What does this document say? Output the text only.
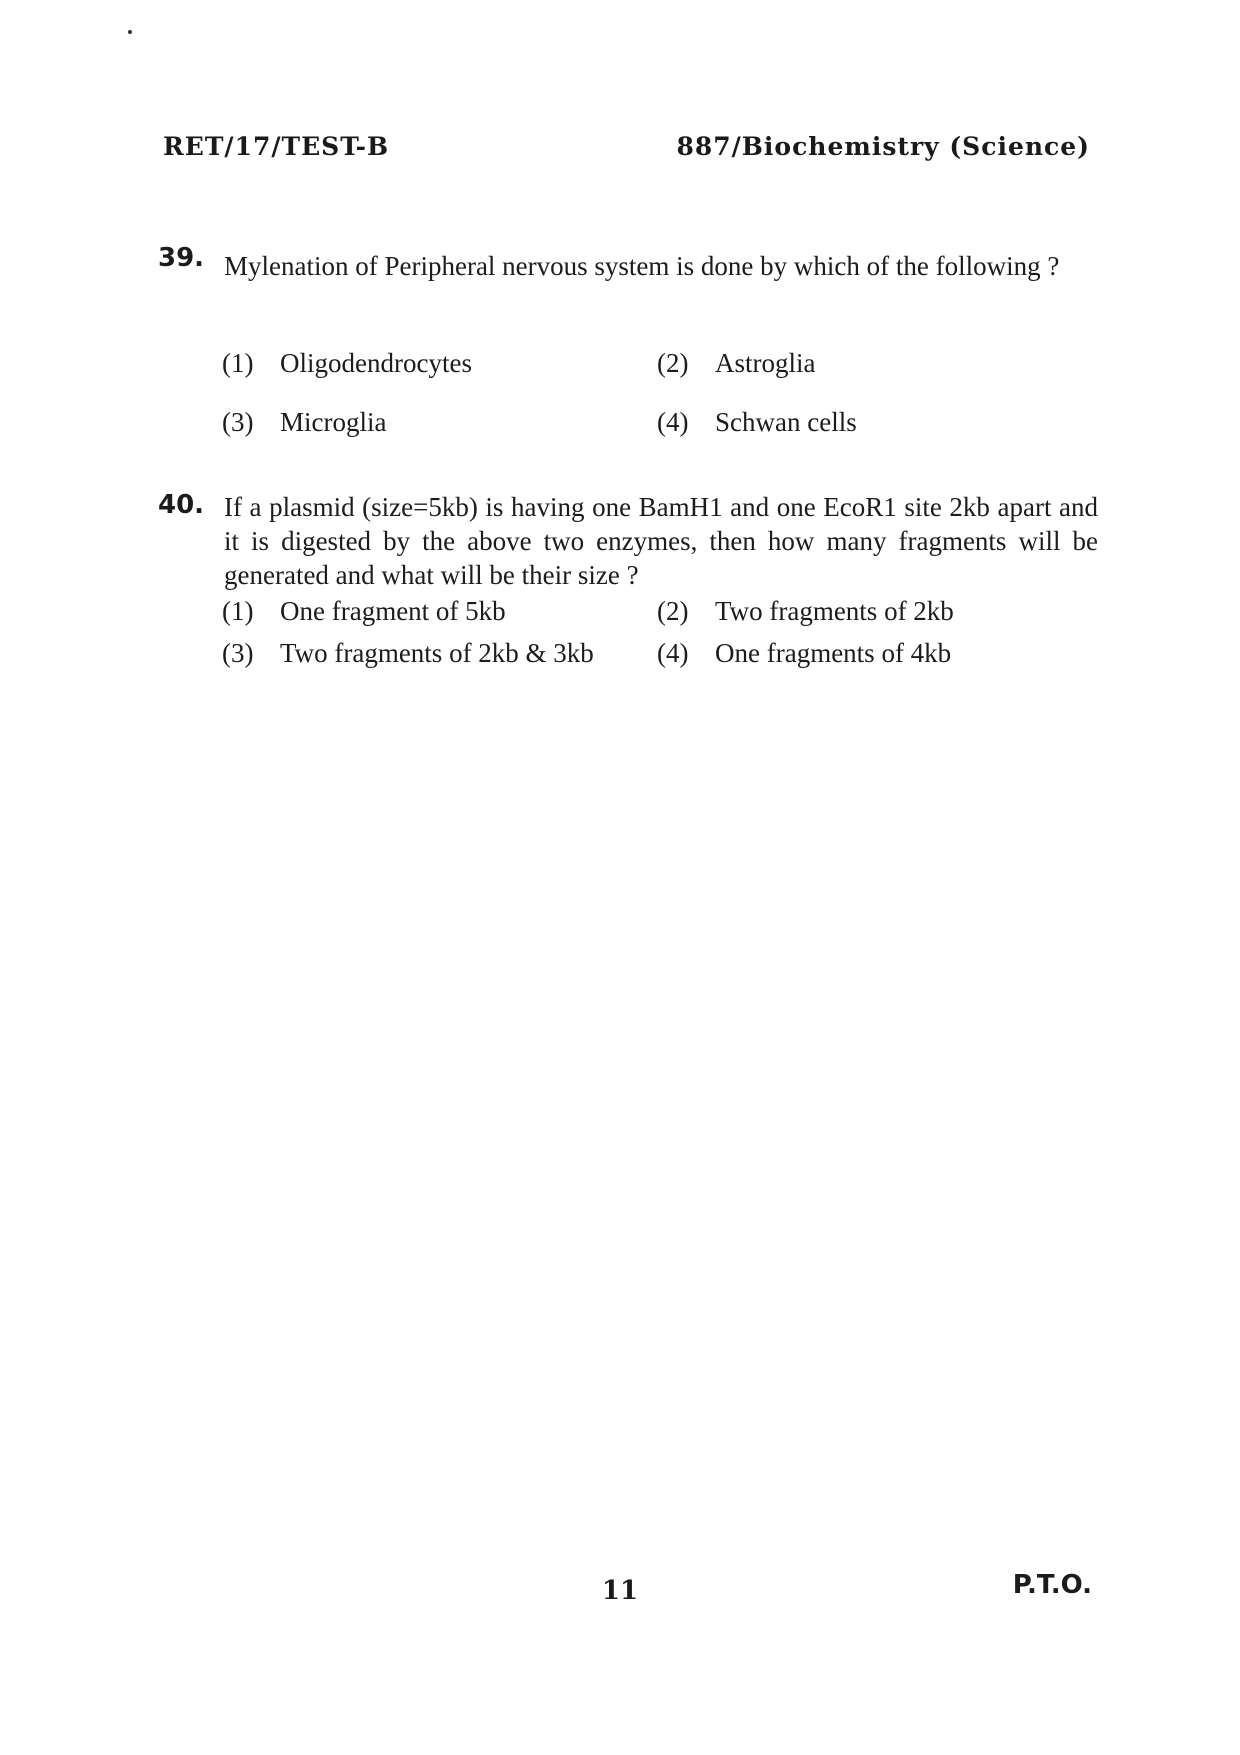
RET/17/TEST-B	887/Biochemistry (Science)
39. Mylenation of Peripheral nervous system is done by which of the following ?
(1) Oligodendrocytes	(2) Astroglia
(3) Microglia	(4) Schwan cells
40. If a plasmid (size=5kb) is having one BamH1 and one EcoR1 site 2kb apart and it is digested by the above two enzymes, then how many fragments will be generated and what will be their size ?
(1) One fragment of 5kb	(2) Two fragments of 2kb
(3) Two fragments of 2kb & 3kb (4) One fragments of 4kb
11	P.T.O.
